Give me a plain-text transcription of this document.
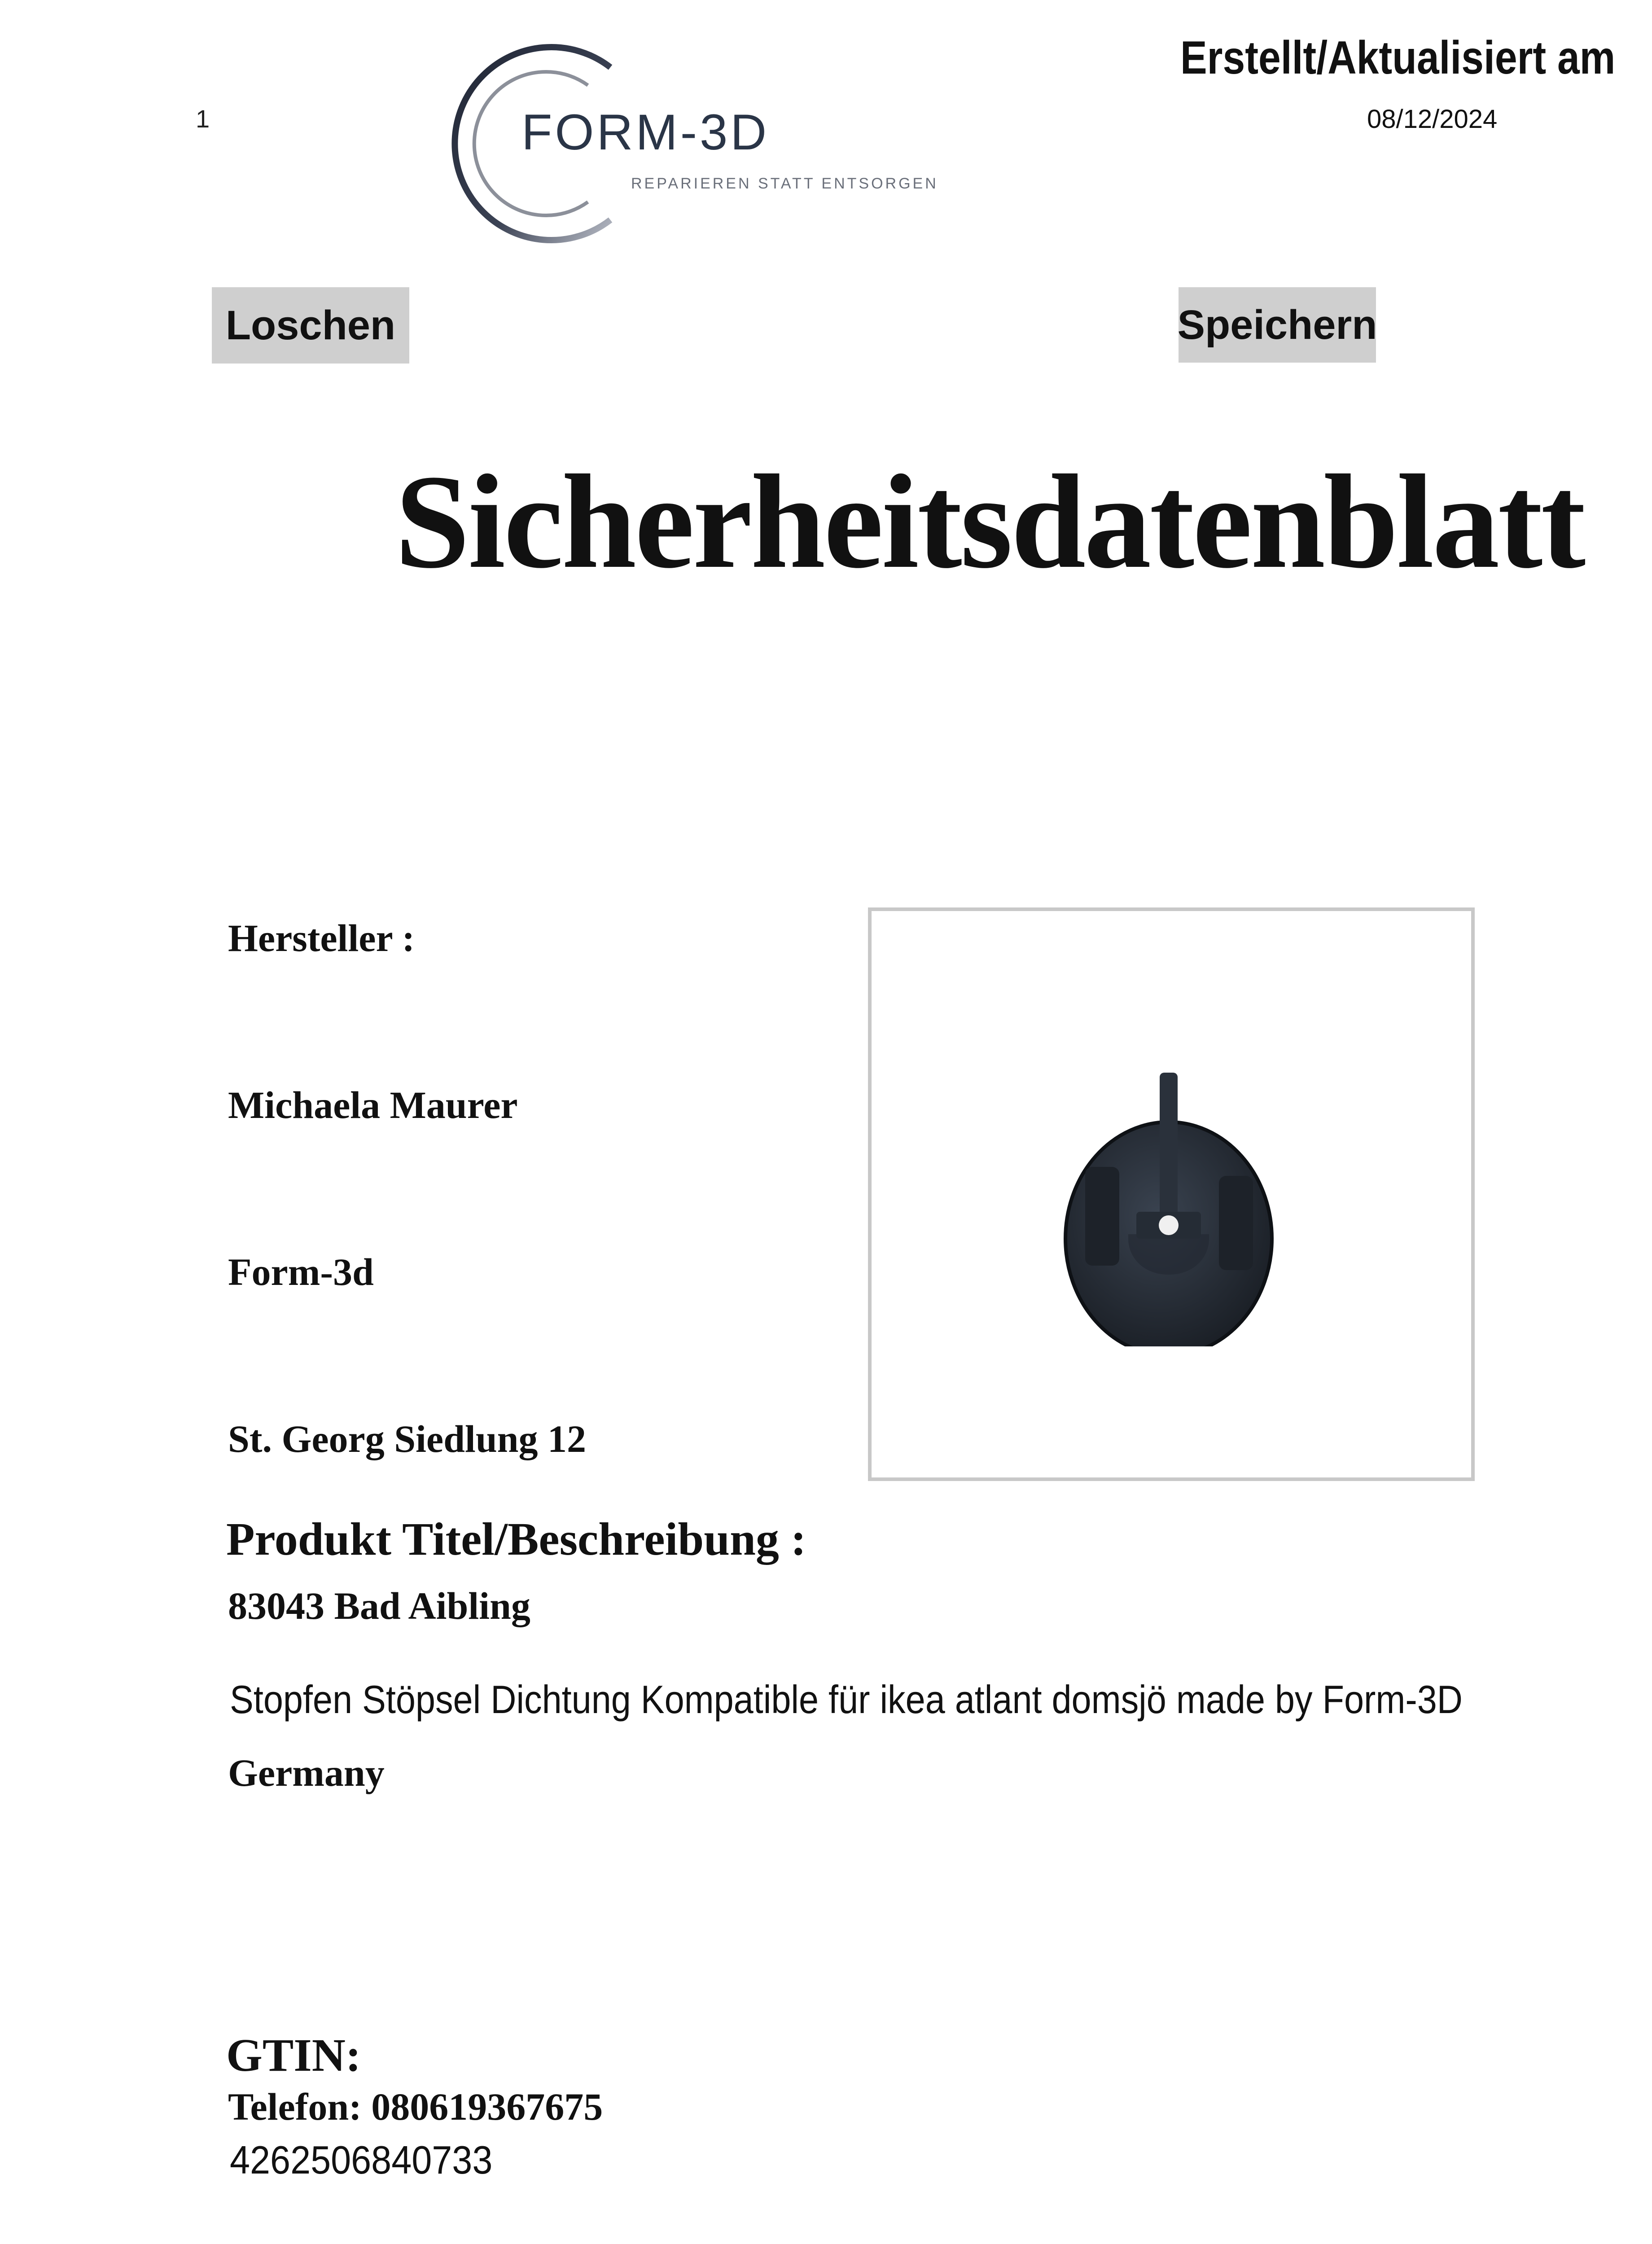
1	FORM-3D
REPARIEREN STATT ENTSORGEN
Erstellt/Aktualisiert am
08/12/2024
Loschen	Speichern
Sicherheitsdatenblatt

Hersteller :

Michaela Maurer

Form-3d

St. Georg Siedlung 12

83043 Bad Aibling

Germany

Telefon: 080619367675

Produkt Titel/Beschreibung :
Stopfen Stöpsel Dichtung Kompatible für ikea atlant domsjö made by Form-3D
GTIN:
4262506840733
